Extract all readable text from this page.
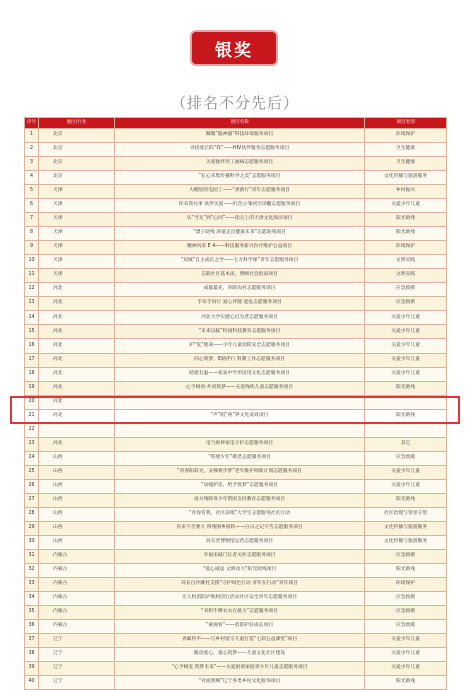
银奖
（排名不分先后）
序号	地区/行业	项目名称	项目类别
1	北京	閱微“骰神器”科技环境服务项目	环境保护
2	北京	寻找迷茫的“我”——HIV伙伴服务志愿服务项目	卫生健康
3	北京	关爱独伴用工福病志愿服务项目	卫生健康
4	北京	“长心未集传播科学之美”志愿服务项目	文化传播与旅游服务
5	天津	大棚里的电园丁——“香菌行”青年志愿服务项目	乡村振兴
6	天津	你来我往事 伙伴关爱——红色小雏鸡空译翻志愿服务项目	关爱少年儿童
7	天津	从“当先”到“心同”——指尖上的天津文化海洋项目	阳光助残
8	天津	“漂子助残 津童走出健康未来”志愿助残项目	阳光助残
9	天津	精神风采 E 4——科技服务新兴医疗维护公益项目	环境保护
10	天津	“双城”自主成长之学——七方科学课”青年志愿服务项目	文明实践
11	天津	志联社区基本法，照顾社会指南项目	文明实践
12	河北	成群最先，青联农村志愿服务项目	应急救援
13	河北	手牵手同行 爱心伴随 迎危志愿服务项目	应急救援
14	河北	河北大学实健心灯为老志愿服务项目	关爱少年儿童
15	河北	“未来以临”校园科技教育志愿服务项目	关爱少年儿童
16	河北	护“危”使命——少年儿童消防安全志愿服务项目	关爱少年儿童
17	河北	同心奥梦，E路伴行 科教工作志愿服务项目	关爱少年儿童
18	河北	助爱有温——家家中学用语用文化志愿服务项目	关爱少年儿童
19	河北	心予相看·共同筑梦——关爱残疾儿童志愿服务项目	阳光助残
20	河北		
21	河北	“声”唱“视”界文化成效项目	阳光助残
22			
23	河北	电气视界家电守护志愿服务项目	其它
24	山西	“铁骑少年”敬老志愿服务项目	应急救援
25	山西	“青春阳彩光，灵梯将步梦”老年维护网新计划志愿服务项目	关爱少年儿童
26	山西	“尿嘎护苗，给予筑梦”志愿服务项目	关爱少年儿童
27	山西	南方残障青少年帮困支持教育志愿服务项目	阳光助残
28	山西	“青春有我，社区前哨”大学生志愿服务社区行动	社区治理与邻里守望
29	山西	你来字音要大 将残图乡接转——白日之记字告志愿服务项目	文化传播与旅游服务
30	山西	河东晋博物馆运营志愿服务项目	文化传播与旅游服务
31	内蒙古	幸福来敲门长者关怀志愿服务项目	应急救援
32	内蒙古	“爱心诚送 文明动力”阳光助残项目	阳光助残
33	内蒙古	环长白沙滩村支援“守护绿色行动 青年在行动”青年项目	环境保护
34	内蒙古	无人机消防护航校园行活动社区安全青年志愿服务项目	应急救援
35	内蒙古	“书积牛牌衣衣在接力”志愿服务项目	应急救援
36	内蒙古	“蒙视看”——消防护驻成长项目	应急救援
37	辽宁	青邮传声——与乡村留守儿童打造“七彩公益课堂”项目	关爱少年儿童
38	辽宁	随动爱心，童心筑梦——儿童文化社区建设	关爱少年儿童
39	辽宁	“心予相连 筑梦未来”——关爱困境家庭青少年儿童志愿服务项目	关爱少年儿童
40	辽宁	“对面照顾”辽宁各类乡村文化服务项目	阳光助残
